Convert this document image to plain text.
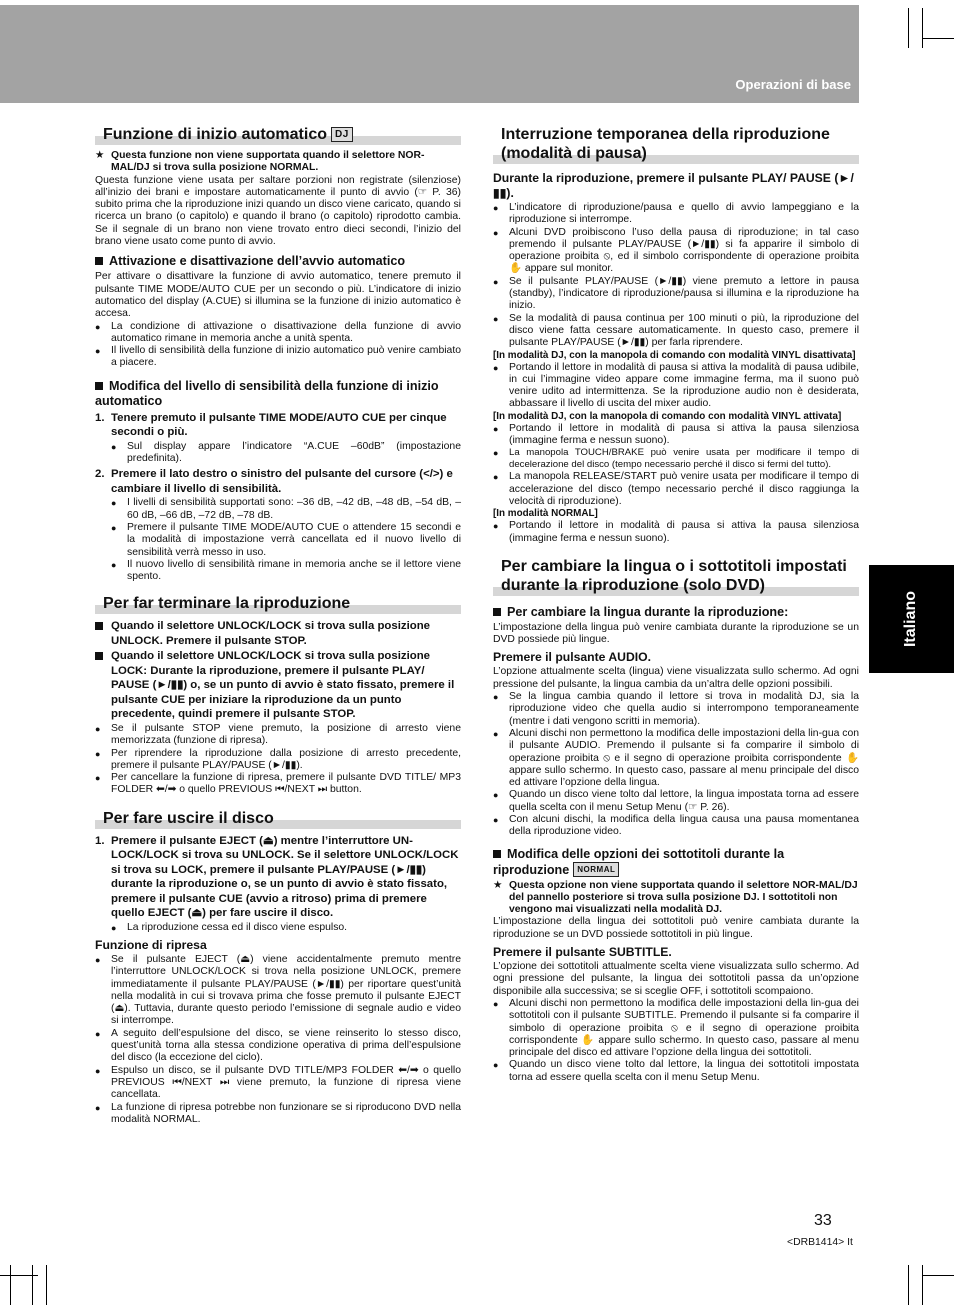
Operazioni di base
Italiano
Funzione di inizio automatico DJ

★ Questa funzione non viene supportata quando il selettore NOR-MAL/DJ si trova sulla posizione NORMAL.

Questa funzione viene usata per saltare porzioni non registrate (silenziose) all’inizio dei brani e impostare automaticamente il punto di avvio (☞ P. 36) subito prima che la riproduzione inizi quando un disco viene caricato, quando si ricerca un brano (o capitolo) e quando il brano (o capitolo) riprodotto cambia. Se il segnale di un brano non viene trovato entro dieci secondi, l’inizio del brano viene usato come punto di avvio.

Attivazione e disattivazione dell’avvio automatico

Per attivare o disattivare la funzione di avvio automatico, tenere premuto il pulsante TIME MODE/AUTO CUE per un secondo o più. L’indicatore di inizio automatico del display (A.CUE) si illumina se la funzione di inizio automatico è accesa.

● La condizione di attivazione o disattivazione della funzione di avvio automatico rimane in memoria anche a unità spenta.

● Il livello di sensibilità della funzione di inizio automatico può venire cambiato a piacere.

Modifica del livello di sensibilità della funzione di inizio automatico
1. Tenere premuto il pulsante TIME MODE/AUTO CUE per cinque secondi o più.

● Sul display appare l’indicatore “A.CUE –60dB” (impostazione predefinita).

2. Premere il lato destro o sinistro del pulsante del cursore (</>) e cambiare il livello di sensibilità.

● I livelli di sensibilità supportati sono: –36 dB, –42 dB, –48 dB, –54 dB, –60 dB, –66 dB, –72 dB, –78 dB.

● Premere il pulsante TIME MODE/AUTO CUE o attendere 15 secondi e la modalità di impostazione verrà cancellata ed il nuovo livello di sensibilità verrà messo in uso.

● Il nuovo livello di sensibilità rimane in memoria anche se il lettore viene spento.

Per far terminare la riproduzione

Quando il selettore UNLOCK/LOCK si trova sulla posizione UNLOCK. Premere il pulsante STOP.

Quando il selettore UNLOCK/LOCK si trova sulla posizione LOCK: Durante la riproduzione, premere il pulsante PLAY/ PAUSE (►/▮▮) o, se un punto di avvio è stato fissato, premere il pulsante CUE per iniziare la riproduzione da un punto precedente, quindi premere il pulsante STOP.

● Se il pulsante STOP viene premuto, la posizione di arresto viene memorizzata (funzione di ripresa).

● Per riprendere la riproduzione dalla posizione di arresto precedente, premere il pulsante PLAY/PAUSE (►/▮▮).

● Per cancellare la funzione di ripresa, premere il pulsante DVD TITLE/ MP3 FOLDER ⬅/➡ o quello PREVIOUS ⏮/NEXT ⏭ button.

Per fare uscire il disco
1. Premere il pulsante EJECT (⏏) mentre l’interruttore UN-LOCK/LOCK si trova su UNLOCK. Se il selettore UNLOCK/LOCK si trova su LOCK, premere il pulsante PLAY/PAUSE (►/▮▮) durante la riproduzione o, se un punto di avvio è stato fissato, premere il pulsante CUE (avvio a ritroso) prima di premere quello EJECT (⏏) per fare uscire il disco.

● La riproduzione cessa ed il disco viene espulso.

Funzione di ripresa

● Se il pulsante EJECT (⏏) viene accidentalmente premuto mentre l’interruttore UNLOCK/LOCK si trova nella posizione UNLOCK, premere immediatamente il pulsante PLAY/PAUSE (►/▮▮) per riportare quest’unità nella modalità in cui si trovava prima che fosse premuto il pulsante EJECT (⏏). Tuttavia, durante questo periodo l’emissione di segnale audio e video si interrompe.

● A seguito dell’espulsione del disco, se viene reinserito lo stesso disco, quest’unità torna alla stessa condizione operativa di prima dell’espulsione del disco (la eccezione del ciclo).

● Espulso un disco, se il pulsante DVD TITLE/MP3 FOLDER ⬅/➡ o quello PREVIOUS ⏮/NEXT ⏭ viene premuto, la funzione di ripresa viene cancellata.

● La funzione di ripresa potrebbe non funzionare se si riproducono DVD nella modalità NORMAL.

Interruzione temporanea della riproduzione (modalità di pausa)
Durante la riproduzione, premere il pulsante PLAY/ PAUSE (►/▮▮).

● L’indicatore di riproduzione/pausa e quello di avvio lampeggiano e la riproduzione si interrompe.

● Alcuni DVD proibiscono l’uso della pausa di riproduzione; in tal caso premendo il pulsante PLAY/PAUSE (►/▮▮) si fa apparire il simbolo di operazione proibita ⦸, ed il simbolo corrispondente di operazione proibita ✋ appare sul monitor.

● Se il pulsante PLAY/PAUSE (►/▮▮) viene premuto a lettore in pausa (standby), l’indicatore di riproduzione/pausa si illumina e la riproduzione ha inizio.

● Se la modalità di pausa continua per 100 minuti o più, la riproduzione del disco viene fatta cessare automaticamente. In questo caso, premere il pulsante PLAY/PAUSE (►/▮▮) per farla riprendere.

[In modalità DJ, con la manopola di comando con modalità VINYL disattivata]

● Portando il lettore in modalità di pausa si attiva la modalità di pausa udibile, in cui l’immagine video appare come immagine ferma, ma il suono può venire udito ad intermittenza. Se la riproduzione audio non è desiderata, abbassare il livello di uscita del mixer audio.

[In modalità DJ, con la manopola di comando con modalità VINYL attivata]

● Portando il lettore in modalità di pausa si attiva la pausa silenziosa (immagine ferma e nessun suono).

● La manopola TOUCH/BRAKE può venire usata per modificare il tempo di decelerazione del disco (tempo necessario perché il disco si fermi del tutto).

● La manopola RELEASE/START può venire usata per modificare il tempo di accelerazione del disco (tempo necessario perché il disco raggiunga la velocità di riproduzione).

[In modalità NORMAL]

● Portando il lettore in modalità di pausa si attiva la pausa silenziosa (immagine ferma e nessun suono).

Per cambiare la lingua o i sottotitoli impostati durante la riproduzione (solo DVD)
Per cambiare la lingua durante la riproduzione:

L’impostazione della lingua può venire cambiata durante la riproduzione se un DVD possiede più lingue.

Premere il pulsante AUDIO.

L’opzione attualmente scelta (lingua) viene visualizzata sullo schermo. Ad ogni pressione del pulsante, la lingua cambia da un’altra delle opzioni possibili.

● Se la lingua cambia quando il lettore si trova in modalità DJ, sia la riproduzione video che quella audio si interrompono temporaneamente (mentre i dati vengono scritti in memoria).

● Alcuni dischi non permettono la modifica delle impostazioni della lin-gua con il pulsante AUDIO. Premendo il pulsante si fa comparire il simbolo di operazione proibita ⦸ e il segno di operazione proibita corrispondente ✋ appare sullo schermo. In questo caso, passare al menu principale del disco ed attivare l’opzione della lingua.

● Quando un disco viene tolto dal lettore, la lingua impostata torna ad essere quella scelta con il menu Setup Menu (☞ P. 26).

● Con alcuni dischi, la modifica della lingua causa una pausa momentanea della riproduzione video.

Modifica delle opzioni dei sottotitoli durante la riproduzione NORMAL

★ Questa opzione non viene supportata quando il selettore NOR-MAL/DJ del pannello posteriore si trova sulla posizione DJ. I sottotitoli non vengono mai visualizzati nella modalità DJ.

L’impostazione della lingua dei sottotitoli può venire cambiata durante la riproduzione se un DVD possiede sottotitoli in più lingue.

Premere il pulsante SUBTITLE.

L’opzione dei sottotitoli attualmente scelta viene visualizzata sullo schermo. Ad ogni pressione del pulsante, la lingua dei sottotitoli passa da un’opzione disponibile alla successiva; se si sceglie OFF, i sottotitoli scompaiono.

● Alcuni dischi non permettono la modifica delle impostazioni della lin-gua dei sottotitoli con il pulsante SUBTITLE. Premendo il pulsante si fa comparire il simbolo di operazione proibita ⦸ e il segno di operazione proibita corrispondente ✋ appare sullo schermo. In questo caso, passare al menu principale del disco ed attivare l’opzione della lingua dei sottotitoli.

● Quando un disco viene tolto dal lettore, la lingua dei sottotitoli impostata torna ad essere quella scelta con il menu Setup Menu.

33
<DRB1414> It
